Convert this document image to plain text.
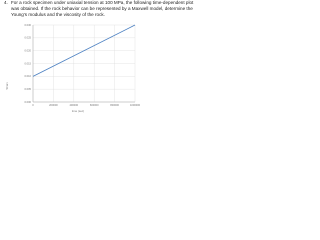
4. For a rock specimen under uniaxial tension at 100 MPa, the following time-dependent plot
was obtained. If the rock behavior can be represented by a Maxwell model, determine the
Young’s modulus and the viscosity of the rock.
0.000
0.005
0.010
0.015
0.020
0.025
0.030
0	200000	400000	600000	800000	1000000
time (sec)
Strain
